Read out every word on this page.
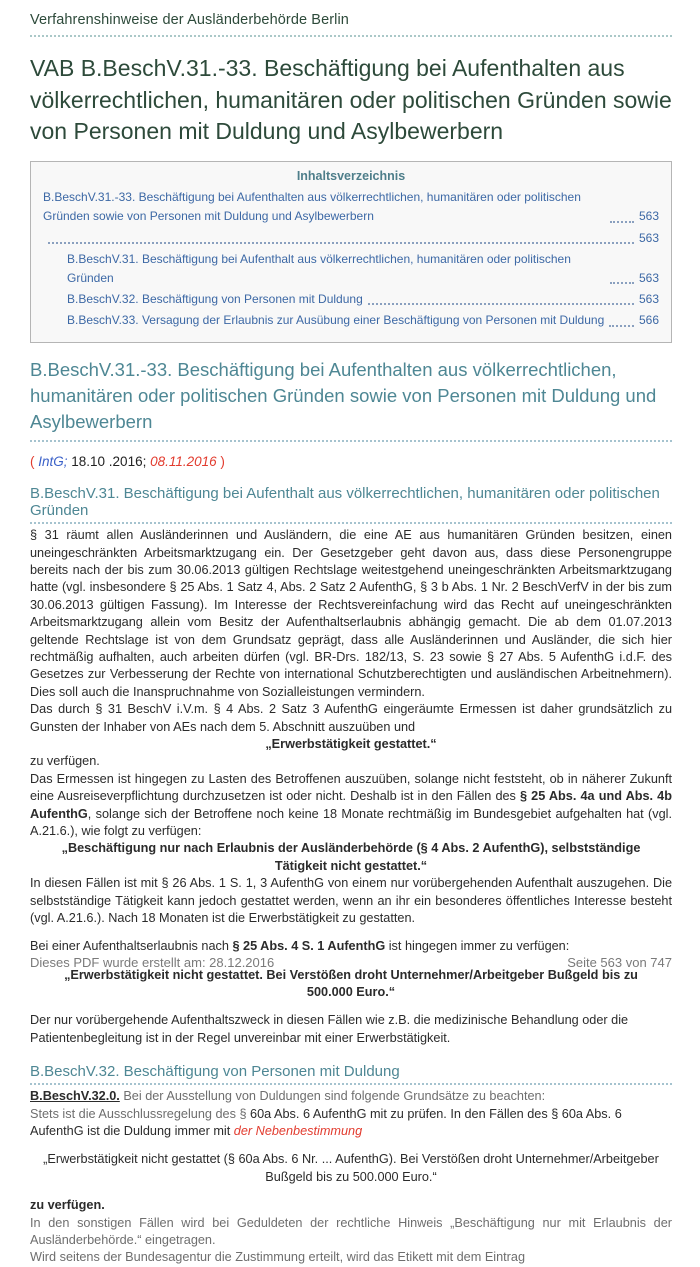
Verfahrenshinweise der Ausländerbehörde Berlin
VAB B.BeschV.31.-33. Beschäftigung bei Aufenthalten aus völkerrechtlichen, humanitären oder politischen Gründen sowie von Personen mit Duldung und Asylbewerbern
Inhaltsverzeichnis
B.BeschV.31.-33. Beschäftigung bei Aufenthalten aus völkerrechtlichen, humanitären oder politischen Gründen sowie von Personen mit Duldung und Asylbewerbern	563
563
B.BeschV.31. Beschäftigung bei Aufenthalt aus völkerrechtlichen, humanitären oder politischen Gründen	563
B.BeschV.32. Beschäftigung von Personen mit Duldung	563
B.BeschV.33. Versagung der Erlaubnis zur Ausübung einer Beschäftigung von Personen mit Duldung	566
B.BeschV.31.-33. Beschäftigung bei Aufenthalten aus völkerrechtlichen, humanitären oder politischen Gründen sowie von Personen mit Duldung und Asylbewerbern
( IntG; 18.10 .2016; 08.11.2016 )
B.BeschV.31. Beschäftigung bei Aufenthalt aus völkerrechtlichen, humanitären oder politischen Gründen

§ 31 räumt allen Ausländerinnen und Ausländern, die eine AE aus humanitären Gründen besitzen, einen uneingeschränkten Arbeitsmarktzugang ein. Der Gesetzgeber geht davon aus, dass diese Personengruppe bereits nach der bis zum 30.06.2013 gültigen Rechtslage weitestgehend uneingeschränkten Arbeitsmarktzugang hatte (vgl. insbesondere § 25 Abs. 1 Satz 4, Abs. 2 Satz 2 AufenthG, § 3 b Abs. 1 Nr. 2 BeschVerfV in der bis zum 30.06.2013 gültigen Fassung). Im Interesse der Rechtsvereinfachung wird das Recht auf uneingeschränkten Arbeitsmarktzugang allein vom Besitz der Aufenthaltserlaubnis abhängig gemacht. Die ab dem 01.07.2013 geltende Rechtslage ist von dem Grundsatz geprägt, dass alle Ausländerinnen und Ausländer, die sich hier rechtmäßig aufhalten, auch arbeiten dürfen (vgl. BR-Drs. 182/13, S. 23 sowie § 27 Abs. 5 AufenthG i.d.F. des Gesetzes zur Verbesserung der Rechte von international Schutzberechtigten und ausländischen Arbeitnehmern). Dies soll auch die Inanspruchnahme von Sozialleistungen vermindern.

Das durch § 31 BeschV i.V.m. § 4 Abs. 2 Satz 3 AufenthG eingeräumte Ermessen ist daher grundsätzlich zu Gunsten der Inhaber von AEs nach dem 5. Abschnitt auszuüben und

„Erwerbstätigkeit gestattet.“

zu verfügen.

Das Ermessen ist hingegen zu Lasten des Betroffenen auszuüben, solange nicht feststeht, ob in näherer Zukunft eine Ausreiseverpflichtung durchzusetzen ist oder nicht. Deshalb ist in den Fällen des § 25 Abs. 4a und Abs. 4b AufenthG, solange sich der Betroffene noch keine 18 Monate rechtmäßig im Bundesgebiet aufgehalten hat (vgl. A.21.6.), wie folgt zu verfügen:

„Beschäftigung nur nach Erlaubnis der Ausländerbehörde (§ 4 Abs. 2 AufenthG), selbstständige Tätigkeit nicht gestattet.“

In diesen Fällen ist mit § 26 Abs. 1 S. 1, 3 AufenthG von einem nur vorübergehenden Aufenthalt auszugehen. Die selbstständige Tätigkeit kann jedoch gestattet werden, wenn an ihr ein besonderes öffentliches Interesse besteht (vgl. A.21.6.). Nach 18 Monaten ist die Erwerbstätigkeit zu gestatten.

Bei einer Aufenthaltserlaubnis nach § 25 Abs. 4 S. 1 AufenthG ist hingegen immer zu verfügen:

„Erwerbstätigkeit nicht gestattet. Bei Verstößen droht Unternehmer/Arbeitgeber Bußgeld bis zu 500.000 Euro.“

Der nur vorübergehende Aufenthaltszweck in diesen Fällen wie z.B. die medizinische Behandlung oder die Patientenbegleitung ist in der Regel unvereinbar mit einer Erwerbstätigkeit.

B.BeschV.32. Beschäftigung von Personen mit Duldung

B.BeschV.32.0. Bei der Ausstellung von Duldungen sind folgende Grundsätze zu beachten:
Stets ist die Ausschlussregelung des § 60a Abs. 6 AufenthG mit zu prüfen. In den Fällen des § 60a Abs. 6 AufenthG ist die Duldung immer mit der Nebenbestimmung

„Erwerbstätigkeit nicht gestattet (§ 60a Abs. 6 Nr. ... AufenthG). Bei Verstößen droht Unternehmer/Arbeitgeber Bußgeld bis zu 500.000 Euro.“

zu verfügen.

In den sonstigen Fällen wird bei Geduldeten der rechtliche Hinweis „Beschäftigung nur mit Erlaubnis der Ausländerbehörde.“ eingetragen.

Wird seitens der Bundesagentur die Zustimmung erteilt, wird das Etikett mit dem Eintrag

Dieses PDF wurde erstellt am: 28.12.2016	Seite 563 von 747
